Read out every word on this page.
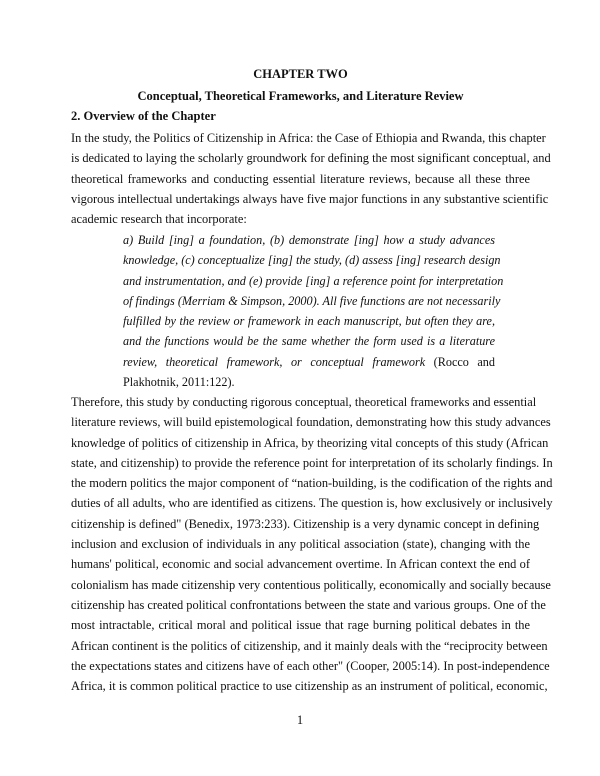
CHAPTER TWO
Conceptual, Theoretical Frameworks, and Literature Review
2. Overview of the Chapter
In the study, the Politics of Citizenship in Africa: the Case of Ethiopia and Rwanda, this chapter
is dedicated to laying the scholarly groundwork for defining the most significant conceptual, and
theoretical frameworks and conducting essential literature reviews, because all these three
vigorous intellectual undertakings always have five major functions in any substantive scientific
academic research that incorporate:
a) Build [ing] a foundation, (b) demonstrate [ing] how a study advances
knowledge, (c) conceptualize [ing] the study, (d) assess [ing] research design
and instrumentation, and (e) provide [ing] a reference point for interpretation
of findings (Merriam & Simpson, 2000). All five functions are not necessarily
fulfilled by the review or framework in each manuscript, but often they are,
and the functions would be the same whether the form used is a literature
review, theoretical framework, or conceptual framework (Rocco and
Plakhotnik, 2011:122).
Therefore, this study by conducting rigorous conceptual, theoretical frameworks and essential
literature reviews, will build epistemological foundation, demonstrating how this study advances
knowledge of politics of citizenship in Africa, by theorizing vital concepts of this study (African
state, and citizenship) to provide the reference point for interpretation of its scholarly findings. In
the modern politics the major component of “nation-building, is the codification of the rights and
duties of all adults, who are identified as citizens. The question is, how exclusively or inclusively
citizenship is defined" (Benedix, 1973:233). Citizenship is a very dynamic concept in defining
inclusion and exclusion of individuals in any political association (state), changing with the
humans' political, economic and social advancement overtime. In African context the end of
colonialism has made citizenship very contentious politically, economically and socially because
citizenship has created political confrontations between the state and various groups. One of the
most intractable, critical moral and political issue that rage burning political debates in the
African continent is the politics of citizenship, and it mainly deals with the “reciprocity between
the expectations states and citizens have of each other" (Cooper, 2005:14). In post-independence
Africa, it is common political practice to use citizenship as an instrument of political, economic,
1
